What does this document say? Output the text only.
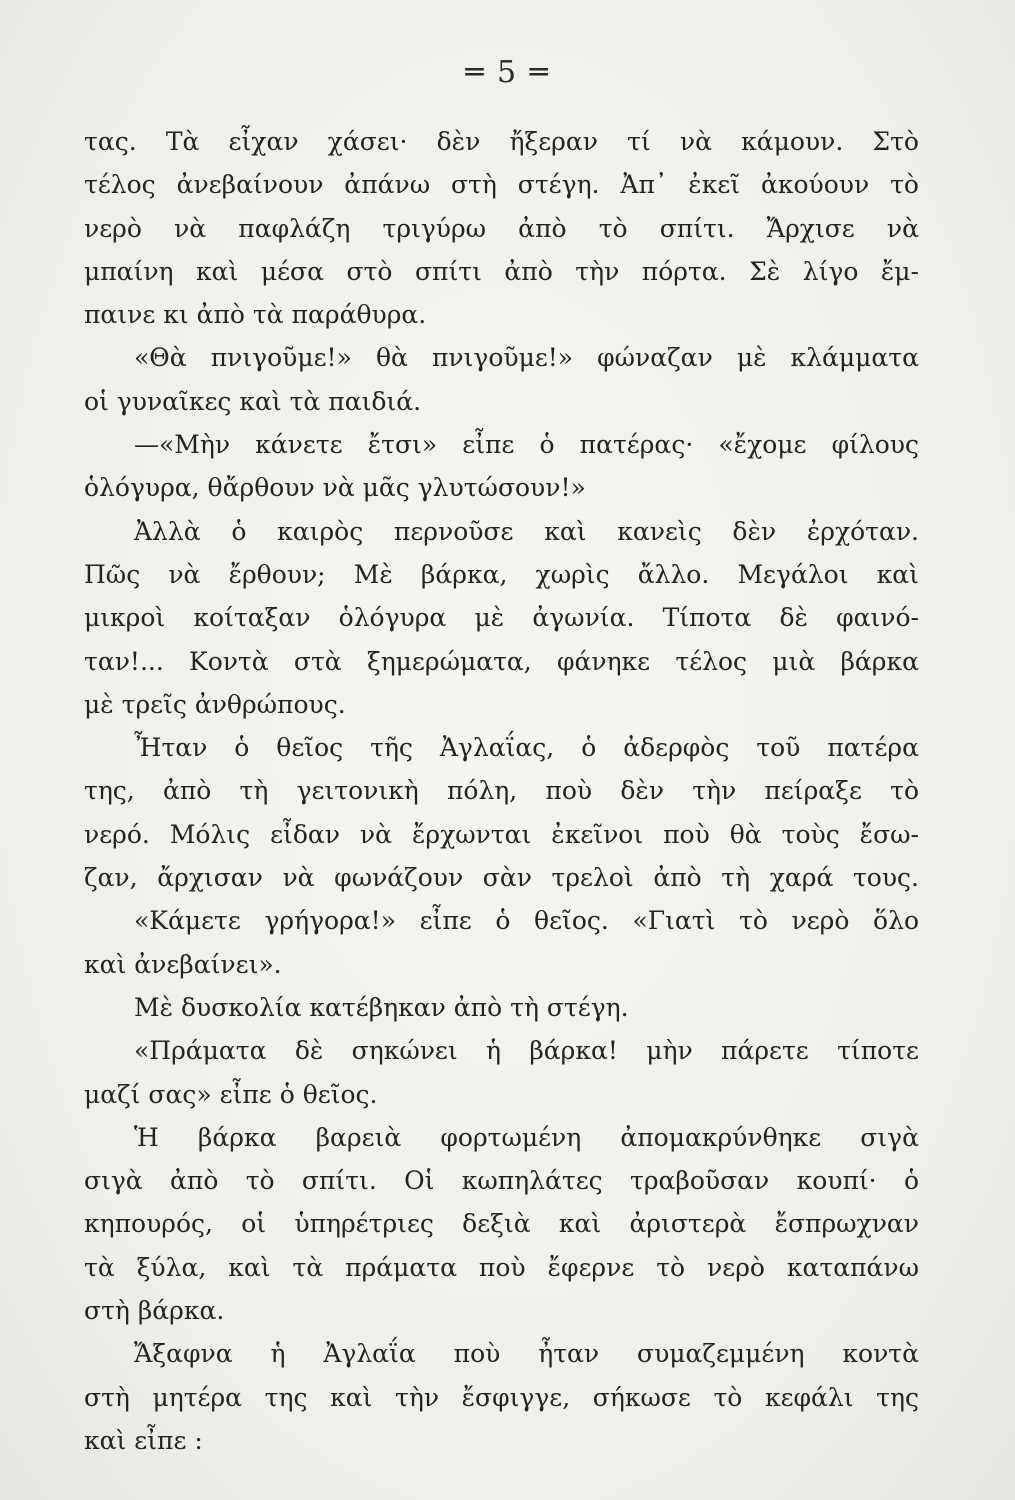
═ 5 ═
τας. Τὰ εἶχαν χάσει· δὲν ἤξεραν τί νὰ κάμουν. Στὸ
τέλος ἀνεβαίνουν ἀπάνω στὴ στέγη. Ἀπ᾽ ἐκεῖ ἀκούουν τὸ
νερὸ νὰ παφλάζη τριγύρω ἀπὸ τὸ σπίτι. Ἄρχισε νὰ
μπαίνη καὶ μέσα στὸ σπίτι ἀπὸ τὴν πόρτα. Σὲ λίγο ἔμ-
παινε κι ἀπὸ τὰ παράθυρα.
«Θὰ πνιγοῦμε!» θὰ πνιγοῦμε!» φώναζαν μὲ κλάμματα
οἱ γυναῖκες καὶ τὰ παιδιά.
—«Μὴν κάνετε ἔτσι» εἶπε ὁ πατέρας· «ἔχομε φίλους
ὁλόγυρα, θἄρθουν νὰ μᾶς γλυτώσουν!»
Ἀλλὰ ὁ καιρὸς περνοῦσε καὶ κανεὶς δὲν ἐρχόταν.
Πῶς νὰ ἔρθουν; Μὲ βάρκα, χωρὶς ἄλλο. Μεγάλοι καὶ
μικροὶ κοίταξαν ὁλόγυρα μὲ ἀγωνία. Τίποτα δὲ φαινό-
ταν!... Κοντὰ στὰ ξημερώματα, φάνηκε τέλος μιὰ βάρκα
μὲ τρεῖς ἀνθρώπους.
Ἦταν ὁ θεῖος τῆς Ἀγλαΐας, ὁ ἀδερφὸς τοῦ πατέρα
της, ἀπὸ τὴ γειτονικὴ πόλη, ποὺ δὲν τὴν πείραξε τὸ
νερό. Μόλις εἶδαν νὰ ἔρχωνται ἐκεῖνοι ποὺ θὰ τοὺς ἔσω-
ζαν, ἄρχισαν νὰ φωνάζουν σὰν τρελοὶ ἀπὸ τὴ χαρά τους.
«Κάμετε γρήγορα!» εἶπε ὁ θεῖος. «Γιατὶ τὸ νερὸ ὅλο
καὶ ἀνεβαίνει».
Μὲ δυσκολία κατέβηκαν ἀπὸ τὴ στέγη.
«Πράματα δὲ σηκώνει ἡ βάρκα! μὴν πάρετε τίποτε
μαζί σας» εἶπε ὁ θεῖος.
Ἡ βάρκα βαρειὰ φορτωμένη ἀπομακρύνθηκε σιγὰ
σιγὰ ἀπὸ τὸ σπίτι. Οἱ κωπηλάτες τραβοῦσαν κουπί· ὁ
κηπουρός, οἱ ὑπηρέτριες δεξιὰ καὶ ἀριστερὰ ἔσπρωχναν
τὰ ξύλα, καὶ τὰ πράματα ποὺ ἔφερνε τὸ νερὸ καταπάνω
στὴ βάρκα.
Ἄξαφνα ἡ Ἀγλαΐα ποὺ ἦταν συμαζεμμένη κοντὰ
στὴ μητέρα της καὶ τὴν ἔσφιγγε, σήκωσε τὸ κεφάλι της
καὶ εἶπε :
